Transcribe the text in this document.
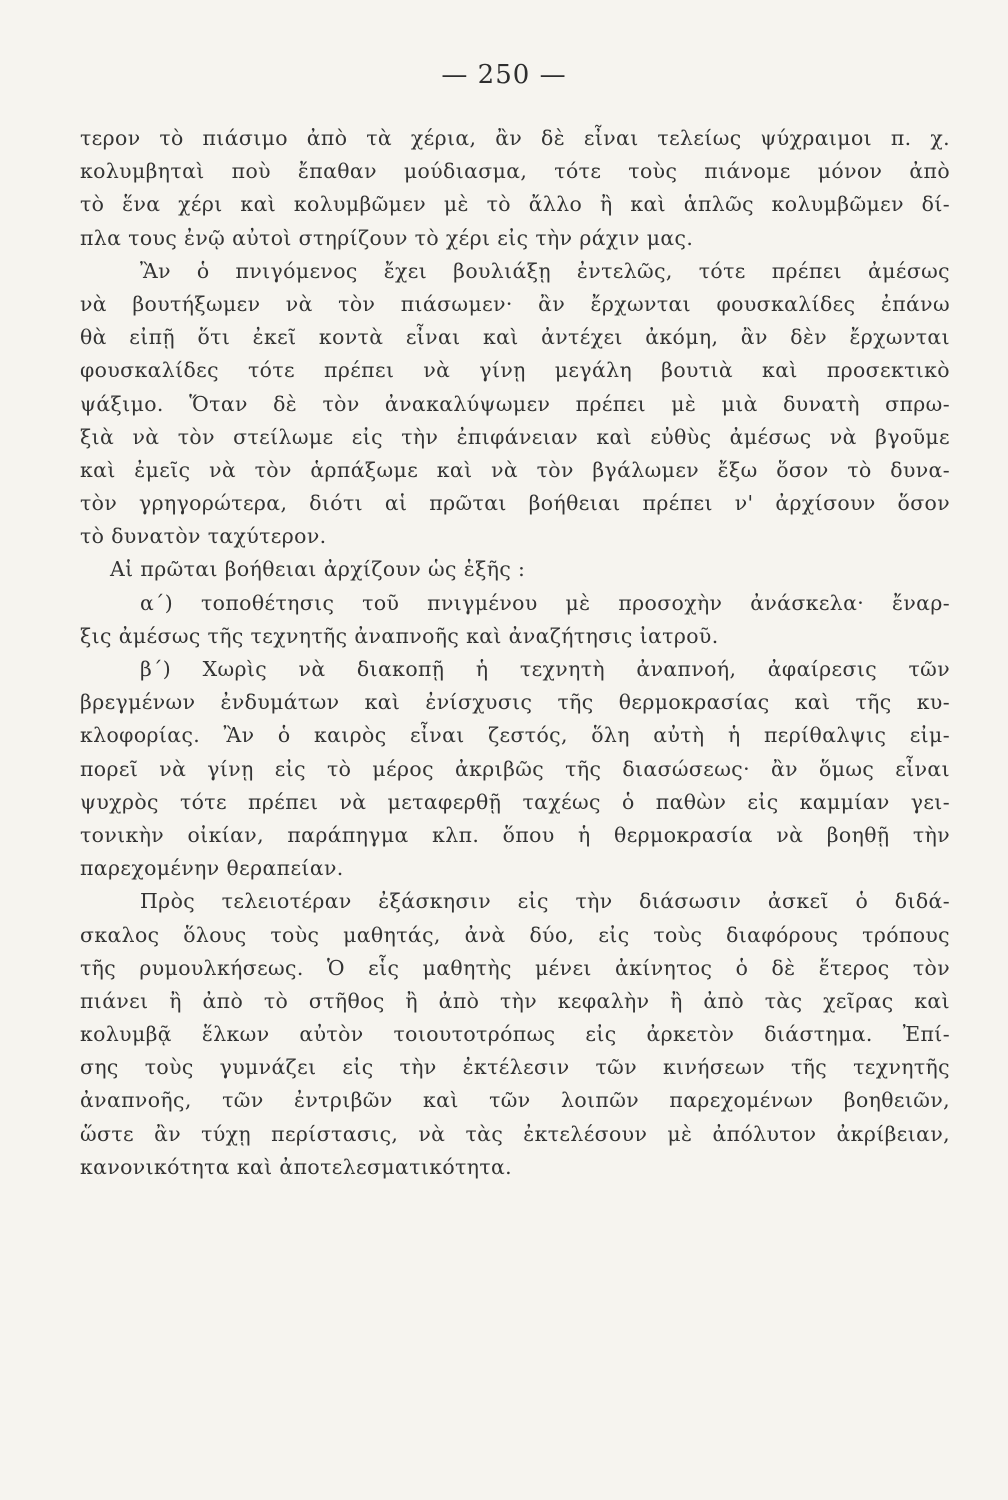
— 250 —
τερον τὸ πιάσιμο ἀπὸ τὰ χέρια, ἂν δὲ εἶναι τελείως ψύχραιμοι π. χ.
κολυμβηταὶ ποὺ ἔπαθαν μούδιασμα, τότε τοὺς πιάνομε μόνον ἀπὸ
τὸ ἕνα χέρι καὶ κολυμβῶμεν μὲ τὸ ἄλλο ἢ καὶ ἁπλῶς κολυμβῶμεν δί-
πλα τους ἐνῷ αὐτοὶ στηρίζουν τὸ χέρι εἰς τὴν ράχιν μας.
Ἂν ὁ πνιγόμενος ἔχει βουλιάξῃ ἐντελῶς, τότε πρέπει ἀμέσως
νὰ βουτήξωμεν νὰ τὸν πιάσωμεν· ἂν ἔρχωνται φουσκαλίδες ἐπάνω
θὰ εἰπῇ ὅτι ἐκεῖ κοντὰ εἶναι καὶ ἀντέχει ἀκόμη, ἂν δὲν ἔρχωνται
φουσκαλίδες τότε πρέπει νὰ γίνῃ μεγάλη βουτιὰ καὶ προσεκτικὸ
ψάξιμο. Ὅταν δὲ τὸν ἀνακαλύψωμεν πρέπει μὲ μιὰ δυνατὴ σπρω-
ξιὰ νὰ τὸν στείλωμε εἰς τὴν ἐπιφάνειαν καὶ εὐθὺς ἀμέσως νὰ βγοῦμε
καὶ ἐμεῖς νὰ τὸν ἁρπάξωμε καὶ νὰ τὸν βγάλωμεν ἔξω ὅσον τὸ δυνα-
τὸν γρηγορώτερα, διότι αἱ πρῶται βοήθειαι πρέπει ν' ἀρχίσουν ὅσον
τὸ δυνατὸν ταχύτερον.
Αἱ πρῶται βοήθειαι ἀρχίζουν ὡς ἑξῆς :
α΄) τοποθέτησις τοῦ πνιγμένου μὲ προσοχὴν ἀνάσκελα· ἔναρ-
ξις ἀμέσως τῆς τεχνητῆς ἀναπνοῆς καὶ ἀναζήτησις ἰατροῦ.
β΄) Χωρὶς νὰ διακοπῇ ἡ τεχνητὴ ἀναπνοή, ἀφαίρεσις τῶν
βρεγμένων ἐνδυμάτων καὶ ἐνίσχυσις τῆς θερμοκρασίας καὶ τῆς κυ-
κλοφορίας. Ἂν ὁ καιρὸς εἶναι ζεστός, ὅλη αὐτὴ ἡ περίθαλψις εἰμ-
πορεῖ νὰ γίνῃ εἰς τὸ μέρος ἀκριβῶς τῆς διασώσεως· ἂν ὅμως εἶναι
ψυχρὸς τότε πρέπει νὰ μεταφερθῇ ταχέως ὁ παθὼν εἰς καμμίαν γει-
τονικὴν οἰκίαν, παράπηγμα κλπ. ὅπου ἡ θερμοκρασία νὰ βοηθῇ τὴν
παρεχομένην θεραπείαν.
Πρὸς τελειοτέραν ἐξάσκησιν εἰς τὴν διάσωσιν ἀσκεῖ ὁ διδά-
σκαλος ὅλους τοὺς μαθητάς, ἀνὰ δύο, εἰς τοὺς διαφόρους τρόπους
τῆς ρυμουλκήσεως. Ὁ εἷς μαθητὴς μένει ἀκίνητος ὁ δὲ ἕτερος τὸν
πιάνει ἢ ἀπὸ τὸ στῆθος ἢ ἀπὸ τὴν κεφαλὴν ἢ ἀπὸ τὰς χεῖρας καὶ
κολυμβᾷ ἕλκων αὐτὸν τοιουτοτρόπως εἰς ἀρκετὸν διάστημα. Ἐπί-
σης τοὺς γυμνάζει εἰς τὴν ἐκτέλεσιν τῶν κινήσεων τῆς τεχνητῆς
ἀναπνοῆς, τῶν ἐντριβῶν καὶ τῶν λοιπῶν παρεχομένων βοηθειῶν,
ὥστε ἂν τύχῃ περίστασις, νὰ τὰς ἐκτελέσουν μὲ ἀπόλυτον ἀκρίβειαν,
κανονικότητα καὶ ἀποτελεσματικότητα.
